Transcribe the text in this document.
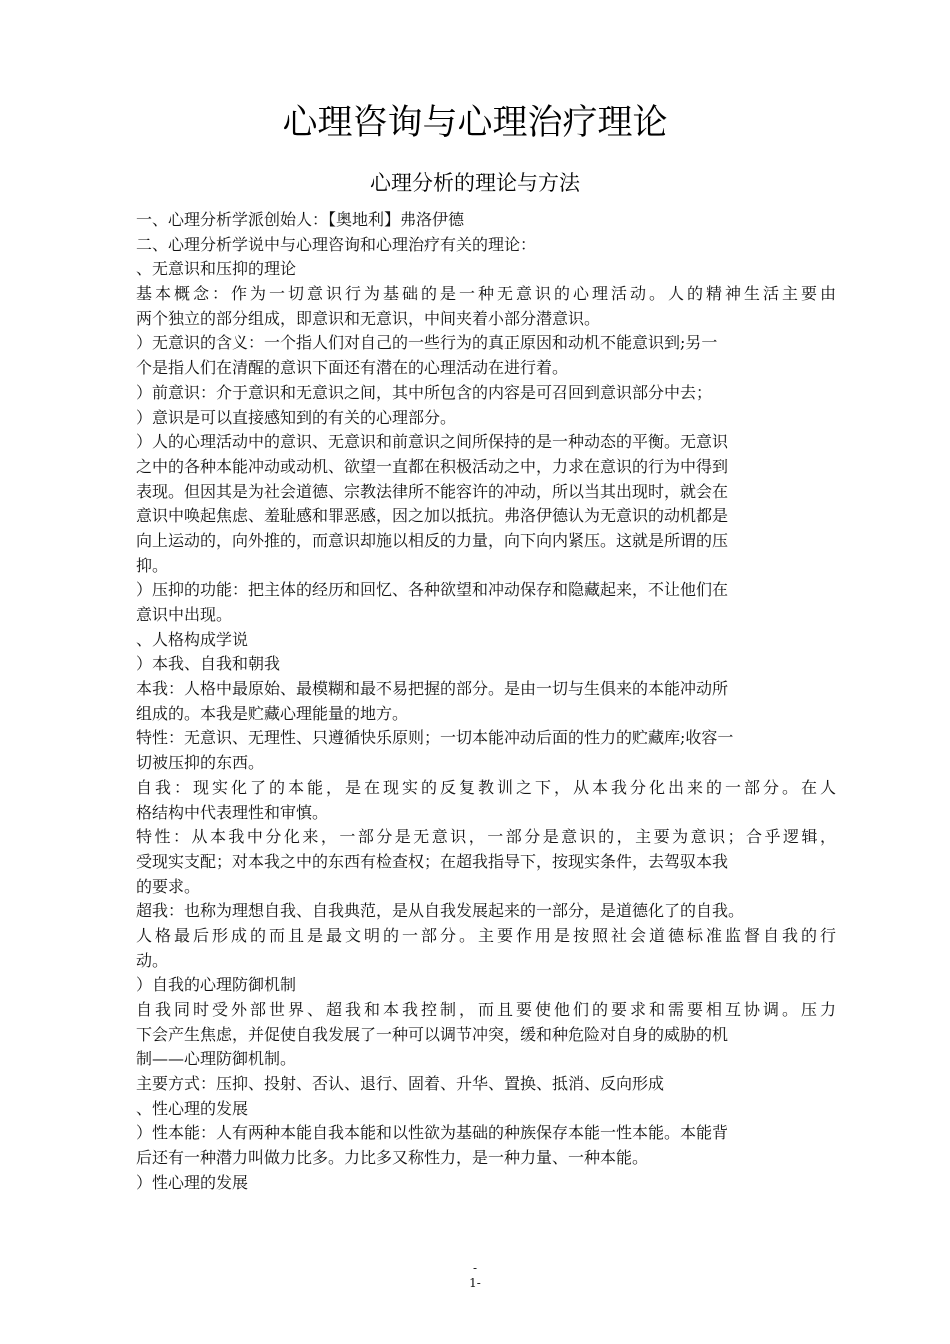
心理咨询与心理治疗理论
心理分析的理论与方法
一、心理分析学派创始人：【奥地利】弗洛伊德
二、心理分析学说中与心理咨询和心理治疗有关的理论：
、无意识和压抑的理论
基本概念：作为一切意识行为基础的是一种无意识的心理活动。人的精神生活主要由
两个独立的部分组成，即意识和无意识，中间夹着小部分潜意识。
）无意识的含义：一个指人们对自己的一些行为的真正原因和动机不能意识到;另一
个是指人们在清醒的意识下面还有潜在的心理活动在进行着。
）前意识：介于意识和无意识之间，其中所包含的内容是可召回到意识部分中去；
）意识是可以直接感知到的有关的心理部分。
）人的心理活动中的意识、无意识和前意识之间所保持的是一种动态的平衡。无意识
之中的各种本能冲动或动机、欲望一直都在积极活动之中，力求在意识的行为中得到
表现。但因其是为社会道德、宗教法律所不能容许的冲动，所以当其出现时，就会在
意识中唤起焦虑、羞耻感和罪恶感，因之加以抵抗。弗洛伊德认为无意识的动机都是
向上运动的，向外推的，而意识却施以相反的力量，向下向内紧压。这就是所谓的压
抑。
）压抑的功能：把主体的经历和回忆、各种欲望和冲动保存和隐藏起来，不让他们在
意识中出现。
、人格构成学说
）本我、自我和朝我
本我：人格中最原始、最模糊和最不易把握的部分。是由一切与生俱来的本能冲动所
组成的。本我是贮藏心理能量的地方。
特性：无意识、无理性、只遵循快乐原则；一切本能冲动后面的性力的贮藏库;收容一
切被压抑的东西。
自我：现实化了的本能，是在现实的反复教训之下，从本我分化出来的一部分。在人
格结构中代表理性和审慎。
特性：从本我中分化来，一部分是无意识，一部分是意识的，主要为意识；合乎逻辑，
受现实支配；对本我之中的东西有检查权；在超我指导下，按现实条件，去驾驭本我
的要求。
超我：也称为理想自我、自我典范，是从自我发展起来的一部分，是道德化了的自我。
人格最后形成的而且是最文明的一部分。主要作用是按照社会道德标准监督自我的行
动。
）自我的心理防御机制
自我同时受外部世界、超我和本我控制，而且要使他们的要求和需要相互协调。压力
下会产生焦虑，并促使自我发展了一种可以调节冲突，缓和种危险对自身的威胁的机
制——心理防御机制。
主要方式：压抑、投射、否认、退行、固着、升华、置换、抵消、反向形成
、性心理的发展
）性本能：人有两种本能自我本能和以性欲为基础的种族保存本能一性本能。本能背
后还有一种潜力叫做力比多。力比多又称性力，是一种力量、一种本能。
）性心理的发展
-
1-
